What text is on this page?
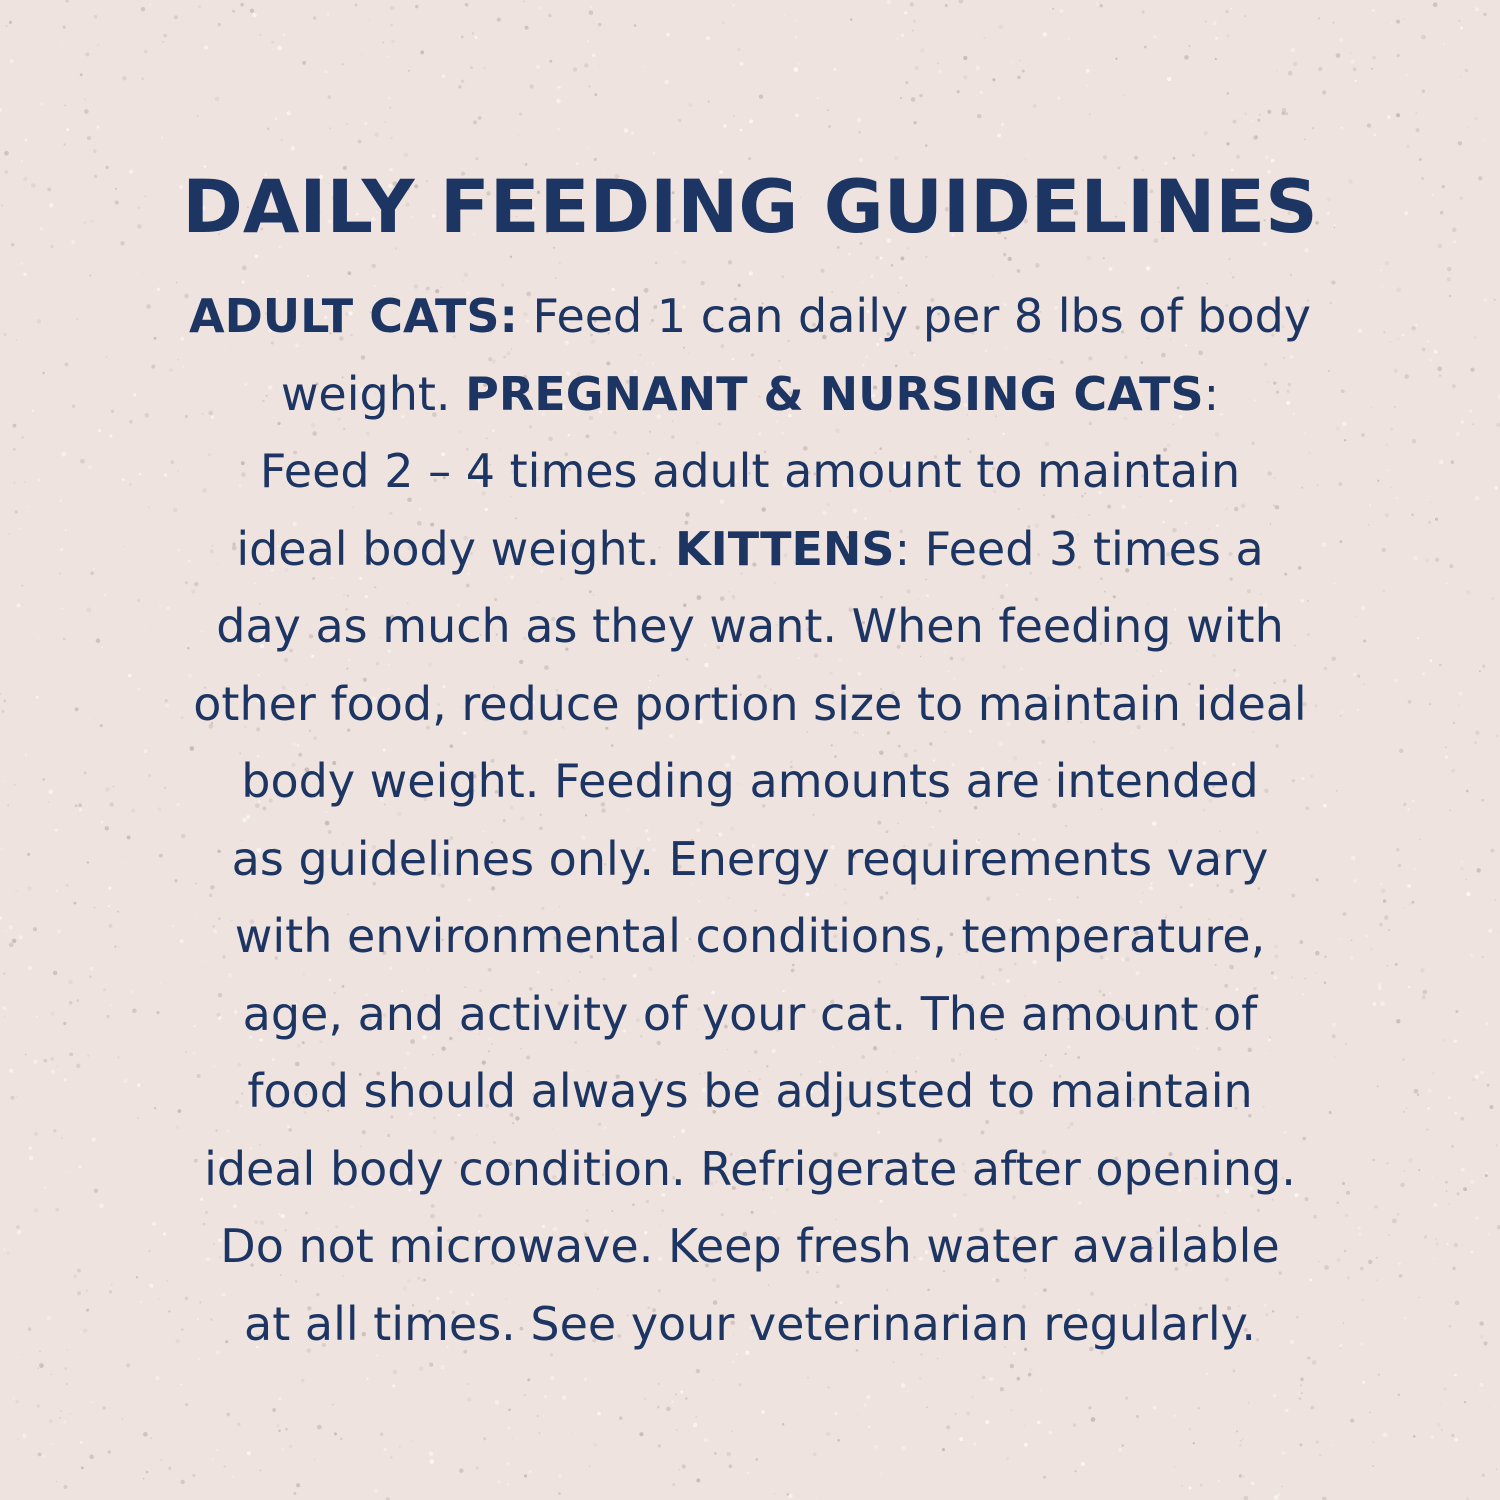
DAILY FEEDING GUIDELINES

ADULT CATS: Feed 1 can daily per 8 lbs of body
weight. PREGNANT & NURSING CATS:
Feed 2 – 4 times adult amount to maintain
ideal body weight. KITTENS: Feed 3 times a
day as much as they want. When feeding with
other food, reduce portion size to maintain ideal
body weight. Feeding amounts are intended
as guidelines only. Energy requirements vary
with environmental conditions, temperature,
age, and activity of your cat. The amount of
food should always be adjusted to maintain
ideal body condition. Refrigerate after opening.
Do not microwave. Keep fresh water available
at all times. See your veterinarian regularly.
